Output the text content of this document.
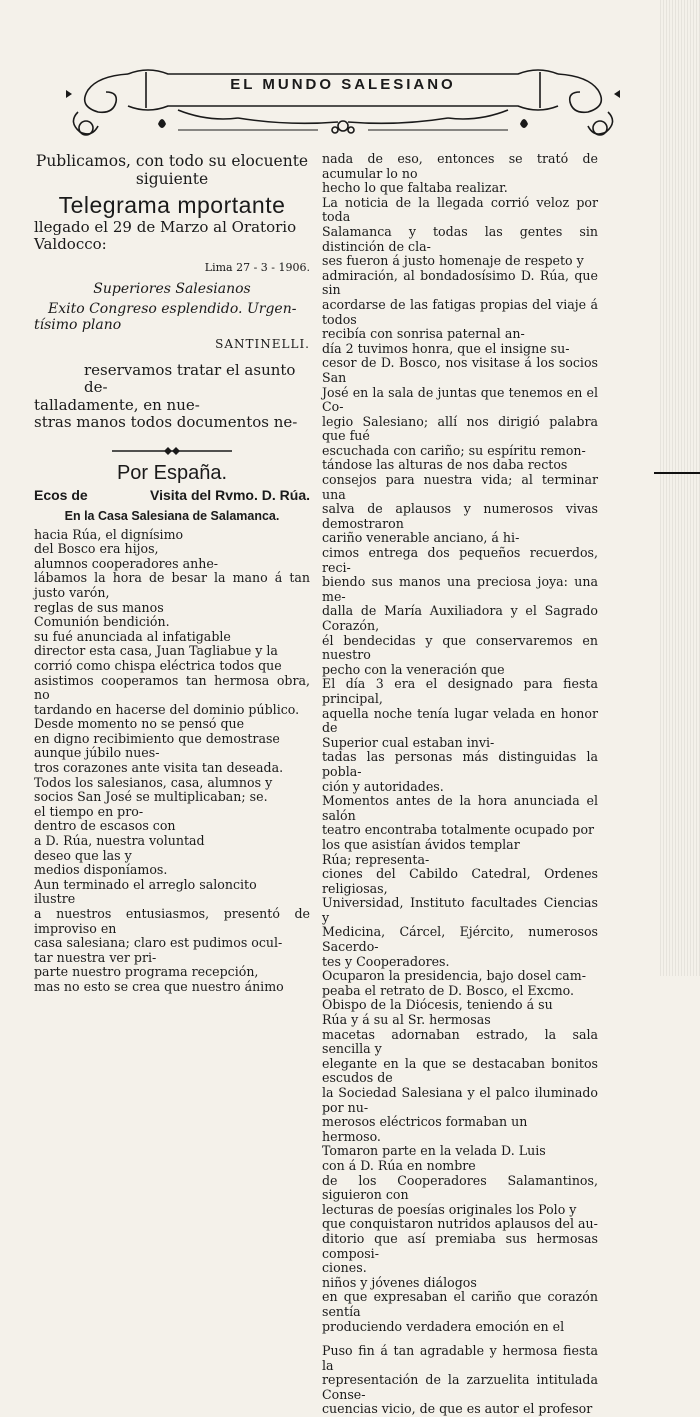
EL MUNDO SALESIANO

Publicamos, con todo su elocuente

siguiente

Telegrama mportante

llegado el 29 de Marzo al Oratorio

Valdocco:

Lima 27 - 3 - 1906.

Superiores Salesianos

Exito Congreso esplendido. Urgen-

tísimo plano

SANTINELLI.

reservamos tratar el asunto de-

talladamente, en nue-

stras manos todos documentos ne-

Por España.

Ecos de	Visita del Rvmo. D. Rúa.

En la Casa Salesiana de Salamanca.

hacia Rúa, el dignísimo

del Bosco era hijos,

alumnos cooperadores anhe-

lábamos la hora de besar la mano á tan justo varón,

reglas de sus manos

Comunión bendición.

su fué anunciada al infatigable

director esta casa, Juan Tagliabue y la

corrió como chispa eléctrica todos que

asistimos cooperamos tan hermosa obra, no

tardando en hacerse del dominio público.

Desde momento no se pensó que

en digno recibimiento que demostrase

aunque júbilo nues-

tros corazones ante visita tan deseada.

Todos los salesianos, casa, alumnos y

socios San José se multiplicaban; se.

el tiempo en pro-

dentro de escasos con

a D. Rúa, nuestra voluntad

deseo que las y

medios disponíamos.

Aun terminado el arreglo saloncito

ilustre

a nuestros entusiasmos, presentó de improviso en

casa salesiana; claro est pudimos ocul-

tar nuestra ver pri-

parte nuestro programa recepción,

mas no esto se crea que nuestro ánimo

nada de eso, entonces se trató de acumular lo no

hecho lo que faltaba realizar.

La noticia de la llegada corrió veloz por toda

Salamanca y todas las gentes sin distinción de cla-

ses fueron á justo homenaje de respeto y

admiración, al bondadosísimo D. Rúa, que sin

acordarse de las fatigas propias del viaje á todos

recibía con sonrisa paternal an-

día 2 tuvimos honra, que el insigne su-

cesor de D. Bosco, nos visitase á los socios San

José en la sala de juntas que tenemos en el Co-

legio Salesiano; allí nos dirigió palabra que fué

escuchada con cariño; su espíritu remon-

tándose las alturas de nos daba rectos

consejos para nuestra vida; al terminar una

salva de aplausos y numerosos vivas demostraron

cariño venerable anciano, á hi-

cimos entrega dos pequeños recuerdos, reci-

biendo sus manos una preciosa joya: una me-

dalla de María Auxiliadora y el Sagrado Corazón,

él bendecidas y que conservaremos en nuestro

pecho con la veneración que

El día 3 era el designado para fiesta principal,

aquella noche tenía lugar velada en honor de

Superior cual estaban invi-

tadas las personas más distinguidas la pobla-

ción y autoridades.

Momentos antes de la hora anunciada el salón

teatro encontraba totalmente ocupado por

los que asistían ávidos templar

Rúa; representa-

ciones del Cabildo Catedral, Ordenes religiosas,

Universidad, Instituto facultades Ciencias y

Medicina, Cárcel, Ejército, numerosos Sacerdo-

tes y Cooperadores.

Ocuparon la presidencia, bajo dosel cam-

peaba el retrato de D. Bosco, el Excmo.

Obispo de la Diócesis, teniendo á su

Rúa y á su al Sr. hermosas

macetas adornaban estrado, la sala sencilla y

elegante en la que se destacaban bonitos escudos de

la Sociedad Salesiana y el palco iluminado por nu-

merosos eléctricos formaban un

hermoso.

Tomaron parte en la velada D. Luis

con á D. Rúa en nombre

de los Cooperadores Salamantinos, siguieron con

lecturas de poesías originales los Polo y

que conquistaron nutridos aplausos del au-

ditorio que así premiaba sus hermosas composi-

ciones.

niños y jóvenes diálogos

en que expresaban el cariño que corazón sentía

produciendo verdadera emoción en el

Puso fin á tan agradable y hermosa fiesta la

representación de la zarzuelita intitulada Conse-

cuencias vicio, de que es autor el profesor
